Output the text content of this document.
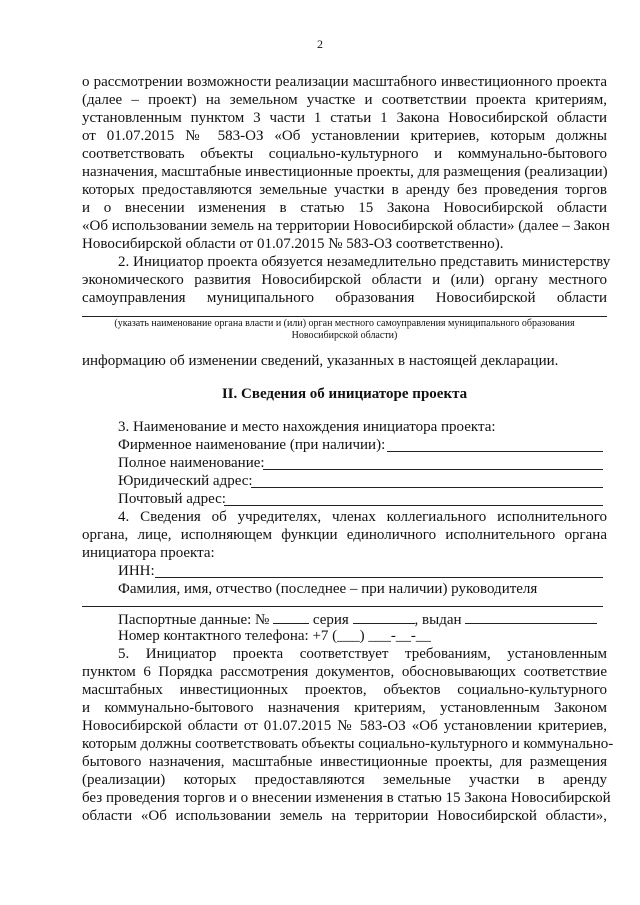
2
о рассмотрении возможности реализации масштабного инвестиционного проекта
(далее – проект) на земельном участке и соответствии проекта критериям,
установленным пунктом 3 части 1 статьи 1 Закона Новосибирской области
от 01.07.2015 № 583-ОЗ «Об установлении критериев, которым должны
соответствовать объекты социально-культурного и коммунально-бытового
назначения, масштабные инвестиционные проекты, для размещения (реализации)
которых предоставляются земельные участки в аренду без проведения торгов
и о внесении изменения в статью 15 Закона Новосибирской области
«Об использовании земель на территории Новосибирской области» (далее – Закон
Новосибирской области от 01.07.2015 № 583-ОЗ соответственно).
2. Инициатор проекта обязуется незамедлительно представить министерству
экономического развития Новосибирской области и (или) органу местного
самоуправления муниципального образования Новосибирской области
(указать наименование органа власти и (или) орган местного самоуправления муниципального образования
Новосибирской области)
информацию об изменении сведений, указанных в настоящей декларации.
II. Сведения об инициаторе проекта
3. Наименование и место нахождения инициатора проекта:
Фирменное наименование (при наличии):
Полное наименование:
Юридический адрес:
Почтовый адрес:
4. Сведения об учредителях, членах коллегиального исполнительного
органа, лице, исполняющем функции единоличного исполнительного органа
инициатора проекта:
ИНН:
Фамилия, имя, отчество (последнее – при наличии) руководителя
Паспортные данные: №	серия	, выдан
Номер контактного телефона: +7 (___) ___-__-__
5. Инициатор проекта соответствует требованиям, установленным
пунктом 6 Порядка рассмотрения документов, обосновывающих соответствие
масштабных инвестиционных проектов, объектов социально-культурного
и коммунально-бытового назначения критериям, установленным Законом
Новосибирской области от 01.07.2015 № 583-ОЗ «Об установлении критериев,
которым должны соответствовать объекты социально-культурного и коммунально-
бытового назначения, масштабные инвестиционные проекты, для размещения
(реализации) которых предоставляются земельные участки в аренду
без проведения торгов и о внесении изменения в статью 15 Закона Новосибирской
области «Об использовании земель на территории Новосибирской области»,
